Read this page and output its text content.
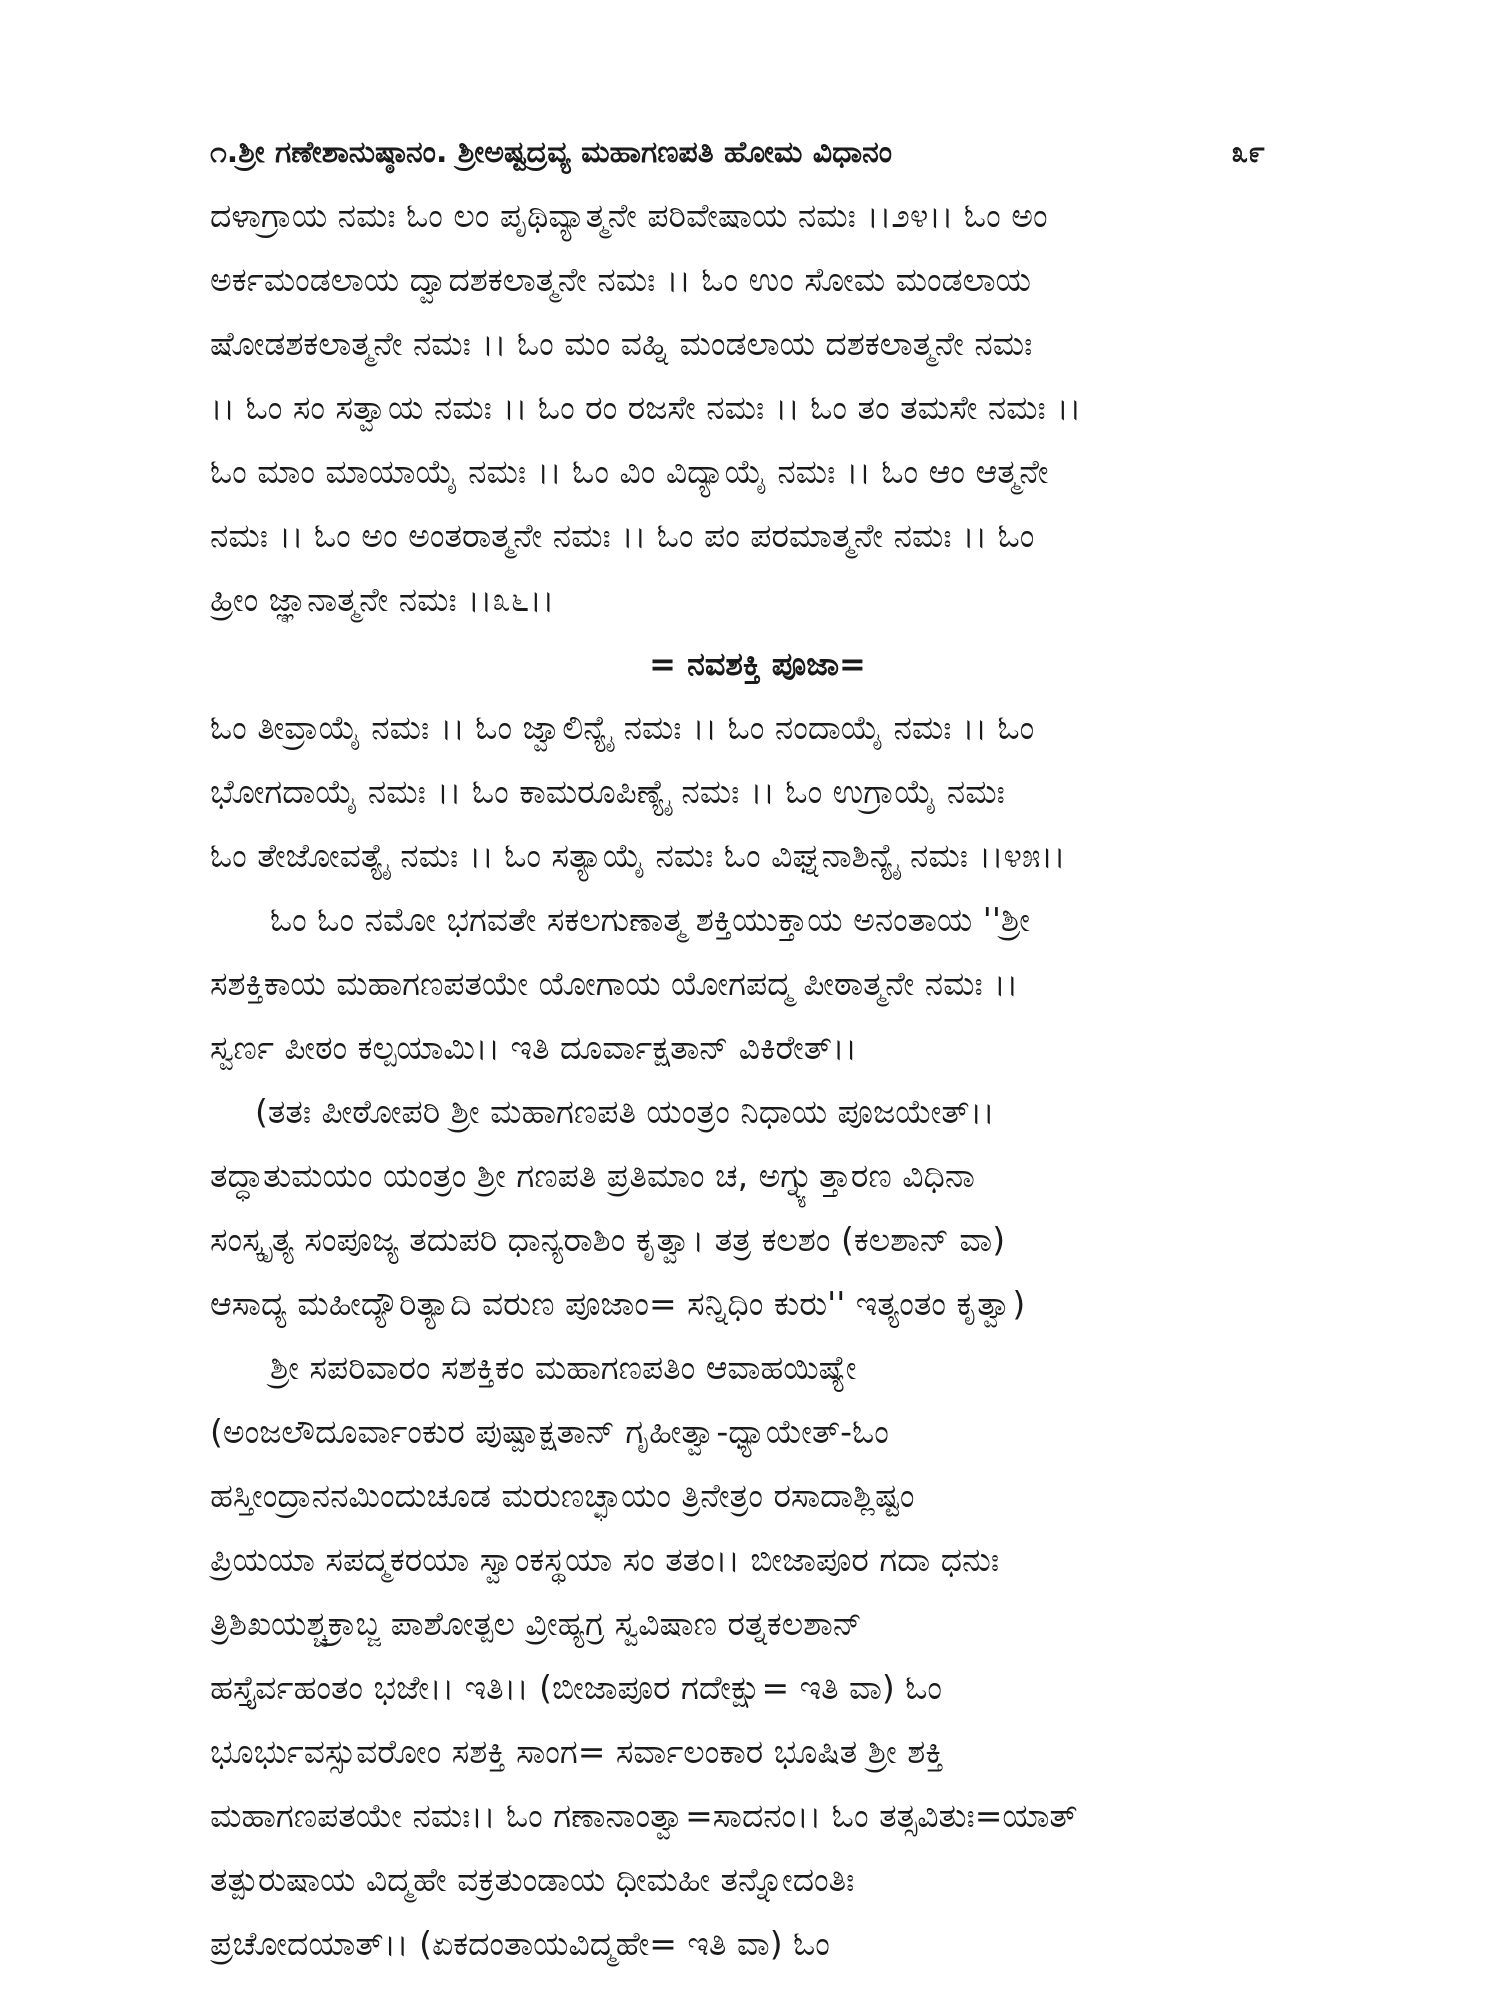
೧.ಶ್ರೀ ಗಣೇಶಾನುಷ್ಠಾನಂ. ಶ್ರೀಅಷ್ಟದ್ರವ್ಯ ಮಹಾಗಣಪತಿ ಹೋಮ ವಿಧಾನಂ	೩೯
ದಳಾಗ್ರಾಯ ನಮಃ ಓಂ ಲಂ ಪೃಥಿವ್ಯಾತ್ಮನೇ ಪರಿವೇಷಾಯ ನಮಃ ।।೨೪।। ಓಂ ಅಂ
ಅರ್ಕಮಂಡಲಾಯ ದ್ವಾದಶಕಲಾತ್ಮನೇ ನಮಃ ।। ಓಂ ಉಂ ಸೋಮ ಮಂಡಲಾಯ
ಷೋಡಶಕಲಾತ್ಮನೇ ನಮಃ ।। ಓಂ ಮಂ ವಹ್ನಿ ಮಂಡಲಾಯ ದಶಕಲಾತ್ಮನೇ ನಮಃ
।। ಓಂ ಸಂ ಸತ್ವಾಯ ನಮಃ ।। ಓಂ ರಂ ರಜಸೇ ನಮಃ ।। ಓಂ ತಂ ತಮಸೇ ನಮಃ ।।
ಓಂ ಮಾಂ ಮಾಯಾಯೈ ನಮಃ ।। ಓಂ ವಿಂ ವಿದ್ಯಾಯೈ ನಮಃ ।। ಓಂ ಆಂ ಆತ್ಮನೇ
ನಮಃ ।। ಓಂ ಅಂ ಅಂತರಾತ್ಮನೇ ನಮಃ ।। ಓಂ ಪಂ ಪರಮಾತ್ಮನೇ ನಮಃ ।। ಓಂ
ಹ್ರೀಂ ಜ್ಞಾನಾತ್ಮನೇ ನಮಃ ।।೩೬।।
= ನವಶಕ್ತಿ ಪೂಜಾ=
ಓಂ ತೀವ್ರಾಯೈ ನಮಃ ।। ಓಂ ಜ್ವಾಲಿನ್ಯೈ ನಮಃ ।। ಓಂ ನಂದಾಯೈ ನಮಃ ।। ಓಂ
ಭೋಗದಾಯೈ ನಮಃ ।। ಓಂ ಕಾಮರೂಪಿಣ್ಯೈ ನಮಃ ।। ಓಂ ಉಗ್ರಾಯೈ ನಮಃ
ಓಂ ತೇಜೋವತ್ಯೈ ನಮಃ ।। ಓಂ ಸತ್ಯಾಯೈ ನಮಃ ಓಂ ವಿಘ್ನನಾಶಿನ್ಯೈ ನಮಃ ।।೪೫।।
ಓಂ ಓಂ ನಮೋ ಭಗವತೇ ಸಕಲಗುಣಾತ್ಮ ಶಕ್ತಿಯುಕ್ತಾಯ ಅನಂತಾಯ ''ಶ್ರೀ
ಸಶಕ್ತಿಕಾಯ ಮಹಾಗಣಪತಯೇ ಯೋಗಾಯ ಯೋಗಪದ್ಮ ಪೀಠಾತ್ಮನೇ ನಮಃ ।।
ಸ್ವರ್ಣ ಪೀಠಂ ಕಲ್ಪಯಾಮಿ।। ಇತಿ ದೂರ್ವಾಕ್ಷತಾನ್ ವಿಕಿರೇತ್।।
(ತತಃ ಪೀಠೋಪರಿ ಶ್ರೀ ಮಹಾಗಣಪತಿ ಯಂತ್ರಂ ನಿಧಾಯ ಪೂಜಯೇತ್।।
ತದ್ಧಾತುಮಯಂ ಯಂತ್ರಂ ಶ್ರೀ ಗಣಪತಿ ಪ್ರತಿಮಾಂ ಚ, ಅಗ್ನ್ಯುತ್ತಾರಣ ವಿಧಿನಾ
ಸಂಸ್ಕೃತ್ಯ ಸಂಪೂಜ್ಯ ತದುಪರಿ ಧಾನ್ಯರಾಶಿಂ ಕೃತ್ವಾ। ತತ್ರ ಕಲಶಂ (ಕಲಶಾನ್ ವಾ)
ಆಸಾದ್ಯ ಮಹೀದ್ಯೌರಿತ್ಯಾದಿ ವರುಣ ಪೂಜಾಂ= ಸನ್ನಿಧಿಂ ಕುರು'' ಇತ್ಯಂತಂ ಕೃತ್ವಾ)
ಶ್ರೀ ಸಪರಿವಾರಂ ಸಶಕ್ತಿಕಂ ಮಹಾಗಣಪತಿಂ ಆವಾಹಯಿಷ್ಯೇ
(ಅಂಜಲೌದೂರ್ವಾಂಕುರ ಪುಷ್ಪಾಕ್ಷತಾನ್ ಗೃಹೀತ್ವಾ-ಧ್ಯಾಯೇತ್-ಓಂ
ಹಸ್ತೀಂದ್ರಾನನಮಿಂದುಚೂಡ ಮರುಣಚ್ಛಾಯಂ ತ್ರಿನೇತ್ರಂ ರಸಾದಾಶ್ಲಿಷ್ಟಂ
ಪ್ರಿಯಯಾ ಸಪದ್ಮಕರಯಾ ಸ್ವಾಂಕಸ್ಥಯಾ ಸಂ ತತಂ।। ಬೀಜಾಪೂರ ಗದಾ ಧನುಃ
ತ್ರಿಶಿಖಯಶ್ಚಕ್ರಾಬ್ಜ ಪಾಶೋತ್ಪಲ ವ್ರೀಹ್ಯಗ್ರ ಸ್ವವಿಷಾಣ ರತ್ನಕಲಶಾನ್
ಹಸ್ತೈರ್ವಹಂತಂ ಭಜೇ।। ಇತಿ।। (ಬೀಜಾಪೂರ ಗದೇಕ್ಷು= ಇತಿ ವಾ) ಓಂ
ಭೂರ್ಭುವಸ್ಸುವರೋಂ ಸಶಕ್ತಿ ಸಾಂಗ= ಸರ್ವಾಲಂಕಾರ ಭೂಷಿತ ಶ್ರೀ ಶಕ್ತಿ
ಮಹಾಗಣಪತಯೇ ನಮಃ।। ಓಂ ಗಣಾನಾಂತ್ವಾ=ಸಾದನಂ।। ಓಂ ತತ್ಸವಿತುಃ=ಯಾತ್
ತತ್ಪುರುಷಾಯ ವಿದ್ಮಹೇ ವಕ್ರತುಂಡಾಯ ಧೀಮಹೀ ತನ್ನೋದಂತಿಃ
ಪ್ರಚೋದಯಾತ್।। (ಏಕದಂತಾಯವಿದ್ಮಹೇ= ಇತಿ ವಾ) ಓಂ
